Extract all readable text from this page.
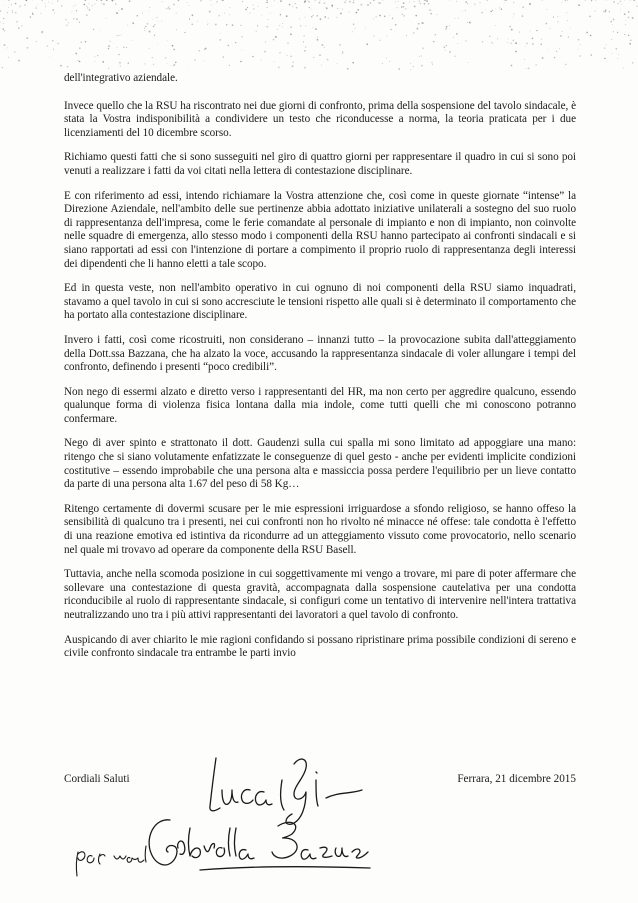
dell'integrativo aziendale.

Invece quello che la RSU ha riscontrato nei due giorni di confronto, prima della sospensione del tavolo sindacale, è stata la Vostra indisponibilità a condividere un testo che riconducesse a norma, la teoria praticata per i due licenziamenti del 10 dicembre scorso.

Richiamo questi fatti che si sono susseguiti nel giro di quattro giorni per rappresentare il quadro in cui si sono poi venuti a realizzare i fatti da voi citati nella lettera di contestazione disciplinare.

E con riferimento ad essi, intendo richiamare la Vostra attenzione che, così come in queste giornate “intense” la Direzione Aziendale, nell'ambito delle sue pertinenze abbia adottato iniziative unilaterali a sostegno del suo ruolo di rappresentanza dell'impresa, come le ferie comandate al personale di impianto e non di impianto, non coinvolte nelle squadre di emergenza, allo stesso modo i componenti della RSU hanno partecipato ai confronti sindacali e si siano rapportati ad essi con l'intenzione di portare a compimento il proprio ruolo di rappresentanza degli interessi dei dipendenti che li hanno eletti a tale scopo.

Ed in questa veste, non nell'ambito operativo in cui ognuno di noi componenti della RSU siamo inquadrati, stavamo a quel tavolo in cui si sono accresciute le tensioni rispetto alle quali si è determinato il comportamento che ha portato alla contestazione disciplinare.

Invero i fatti, così come ricostruiti, non considerano – innanzi tutto – la provocazione subita dall'atteggiamento della Dott.ssa Bazzana, che ha alzato la voce, accusando la rappresentanza sindacale di voler allungare i tempi del confronto, definendo i presenti “poco credibili”.

Non nego di essermi alzato e diretto verso i rappresentanti del HR, ma non certo per aggredire qualcuno, essendo qualunque forma di violenza fisica lontana dalla mia indole, come tutti quelli che mi conoscono potranno confermare.

Nego di aver spinto e strattonato il dott. Gaudenzi sulla cui spalla mi sono limitato ad appoggiare una mano: ritengo che si siano volutamente enfatizzate le conseguenze di quel gesto - anche per evidenti implicite condizioni costitutive – essendo improbabile che una persona alta e massiccia possa perdere l'equilibrio per un lieve contatto da parte di una persona alta 1.67 del peso di 58 Kg…

Ritengo certamente di dovermi scusare per le mie espressioni irriguardose a sfondo religioso, se hanno offeso la sensibilità di qualcuno tra i presenti, nei cui confronti non ho rivolto né minacce né offese: tale condotta è l'effetto di una reazione emotiva ed istintiva da ricondurre ad un atteggiamento vissuto come provocatorio, nello scenario nel quale mi trovavo ad operare da componente della RSU Basell.

Tuttavia, anche nella scomoda posizione in cui soggettivamente mi vengo a trovare, mi pare di poter affermare che sollevare una contestazione di questa gravità, accompagnata dalla sospensione cautelativa per una condotta riconducibile al ruolo di rappresentante sindacale, si configuri come un tentativo di intervenire nell'intera trattativa neutralizzando uno tra i più attivi rappresentanti dei lavoratori a quel tavolo di confronto.

Auspicando di aver chiarito le mie ragioni confidando si possano ripristinare prima possibile condizioni di sereno e civile confronto sindacale tra entrambe le parti invio

Cordiali Saluti	Ferrara, 21 dicembre 2015
